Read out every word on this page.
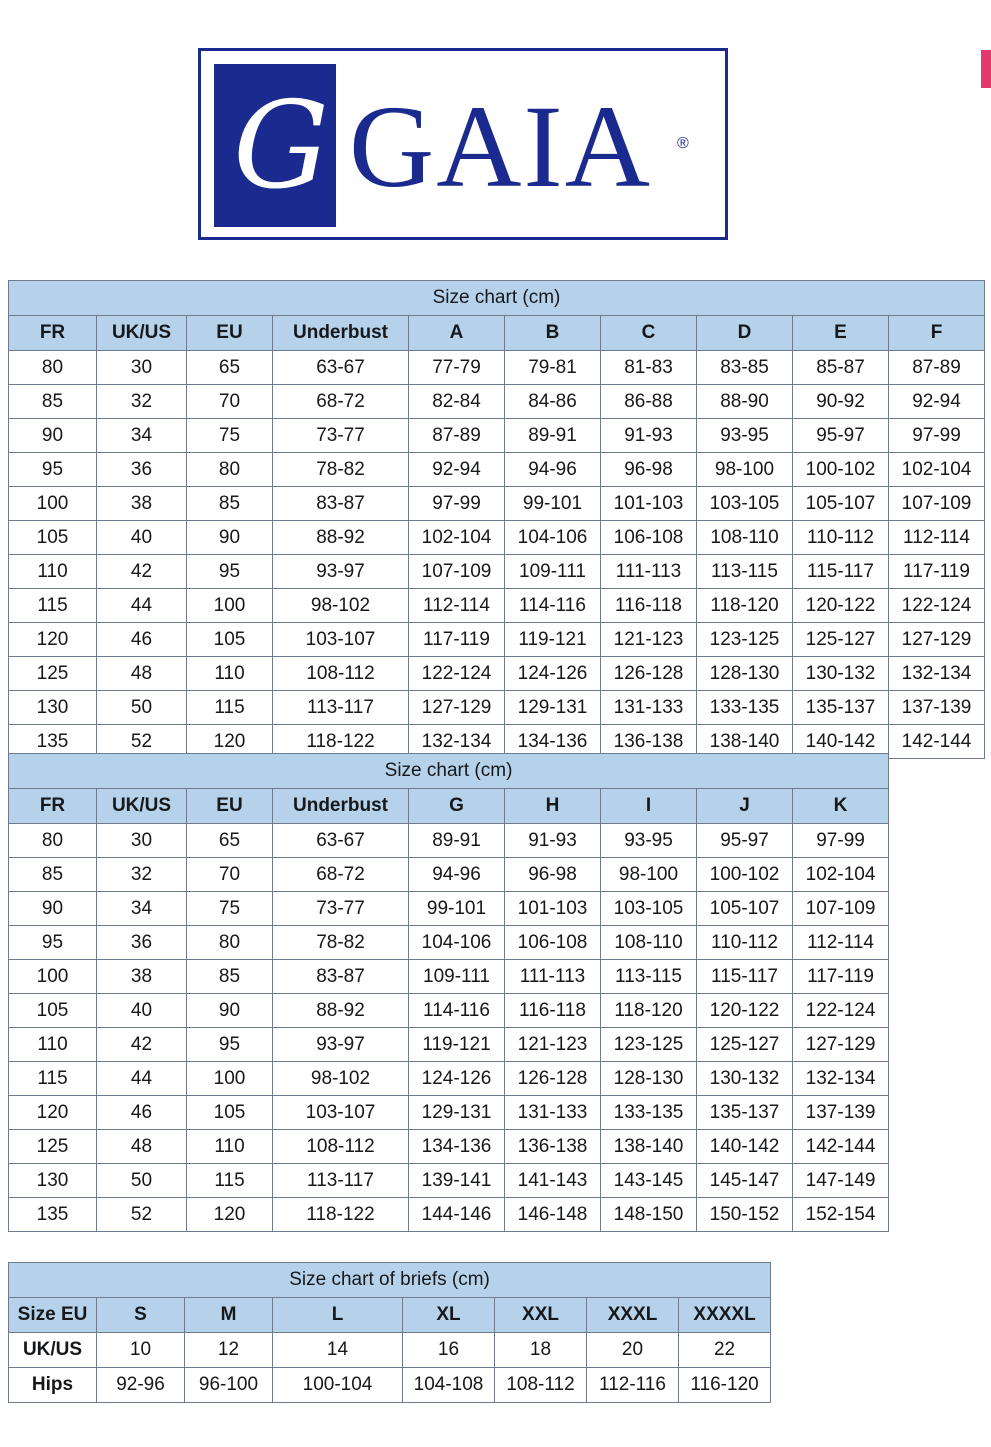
G GAIA ®
Size chart (cm)									
FR	UK/US	EU	Underbust	A	B	C	D	E	F
80	30	65	63-67	77-79	79-81	81-83	83-85	85-87	87-89
85	32	70	68-72	82-84	84-86	86-88	88-90	90-92	92-94
90	34	75	73-77	87-89	89-91	91-93	93-95	95-97	97-99
95	36	80	78-82	92-94	94-96	96-98	98-100	100-102	102-104
100	38	85	83-87	97-99	99-101	101-103	103-105	105-107	107-109
105	40	90	88-92	102-104	104-106	106-108	108-110	110-112	112-114
110	42	95	93-97	107-109	109-111	111-113	113-115	115-117	117-119
115	44	100	98-102	112-114	114-116	116-118	118-120	120-122	122-124
120	46	105	103-107	117-119	119-121	121-123	123-125	125-127	127-129
125	48	110	108-112	122-124	124-126	126-128	128-130	130-132	132-134
130	50	115	113-117	127-129	129-131	131-133	133-135	135-137	137-139
135	52	120	118-122	132-134	134-136	136-138	138-140	140-142	142-144
Size chart (cm)								
FR	UK/US	EU	Underbust	G	H	I	J	K
80	30	65	63-67	89-91	91-93	93-95	95-97	97-99
85	32	70	68-72	94-96	96-98	98-100	100-102	102-104
90	34	75	73-77	99-101	101-103	103-105	105-107	107-109
95	36	80	78-82	104-106	106-108	108-110	110-112	112-114
100	38	85	83-87	109-111	111-113	113-115	115-117	117-119
105	40	90	88-92	114-116	116-118	118-120	120-122	122-124
110	42	95	93-97	119-121	121-123	123-125	125-127	127-129
115	44	100	98-102	124-126	126-128	128-130	130-132	132-134
120	46	105	103-107	129-131	131-133	133-135	135-137	137-139
125	48	110	108-112	134-136	136-138	138-140	140-142	142-144
130	50	115	113-117	139-141	141-143	143-145	145-147	147-149
135	52	120	118-122	144-146	146-148	148-150	150-152	152-154
Size chart of briefs (cm)							
Size EU	S	M	L	XL	XXL	XXXL	XXXXL
UK/US	10	12	14	16	18	20	22
Hips	92-96	96-100	100-104	104-108	108-112	112-116	116-120
